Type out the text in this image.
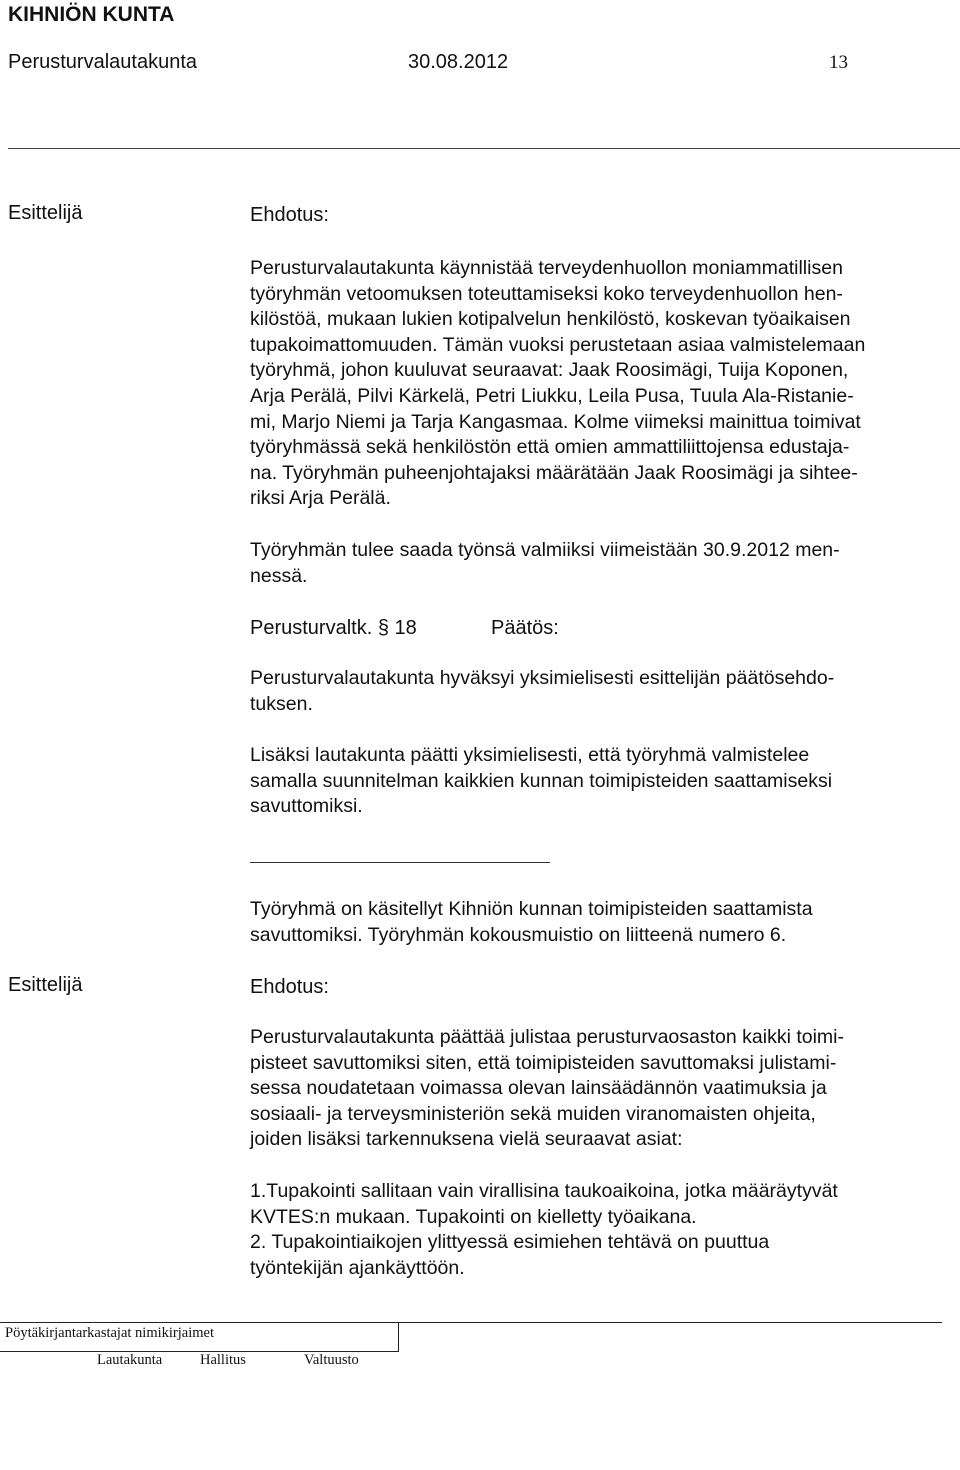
KIHNIÖN KUNTA
Perusturvalautakunta	30.08.2012	13
Esittelijä	Ehdotus:
Perusturvalautakunta käynnistää terveydenhuollon moniammatillisen
työryhmän vetoomuksen toteuttamiseksi koko terveydenhuollon hen-
kilöstöä, mukaan lukien kotipalvelun henkilöstö, koskevan työaikaisen
tupakoimattomuuden. Tämän vuoksi perustetaan asiaa valmistelemaan
työryhmä, johon kuuluvat seuraavat: Jaak Roosimägi, Tuija Koponen,
Arja Perälä, Pilvi Kärkelä, Petri Liukku, Leila Pusa, Tuula Ala-Ristanie-
mi, Marjo Niemi ja Tarja Kangasmaa. Kolme viimeksi mainittua toimivat
työryhmässä sekä henkilöstön että omien ammattiliittojensa edustaja-
na. Työryhmän puheenjohtajaksi määrätään Jaak Roosimägi ja sihtee-
riksi Arja Perälä.
Työryhmän tulee saada työnsä valmiiksi viimeistään 30.9.2012 men-
nessä.
Perusturvaltk. § 18	Päätös:
Perusturvalautakunta hyväksyi yksimielisesti esittelijän päätösehdo-
tuksen.
Lisäksi lautakunta päätti yksimielisesti, että työryhmä valmistelee
samalla suunnitelman kaikkien kunnan toimipisteiden saattamiseksi
savuttomiksi.
Työryhmä on käsitellyt Kihniön kunnan toimipisteiden saattamista
savuttomiksi. Työryhmän kokousmuistio on liitteenä numero 6.
Esittelijä	Ehdotus:
Perusturvalautakunta päättää julistaa perusturvaosaston kaikki toimi-
pisteet savuttomiksi siten, että toimipisteiden savuttomaksi julistami-
sessa noudatetaan voimassa olevan lainsäädännön vaatimuksia ja
sosiaali- ja terveysministeriön sekä muiden viranomaisten ohjeita,
joiden lisäksi tarkennuksena vielä seuraavat asiat:
1.Tupakointi sallitaan vain virallisina taukoaikoina, jotka määräytyvät
KVTES:n mukaan. Tupakointi on kielletty työaikana.
2. Tupakointiaikojen ylittyessä esimiehen tehtävä on puuttua
työntekijän ajankäyttöön.
Pöytäkirjantarkastajat nimikirjaimet
Lautakunta	Hallitus	Valtuusto
